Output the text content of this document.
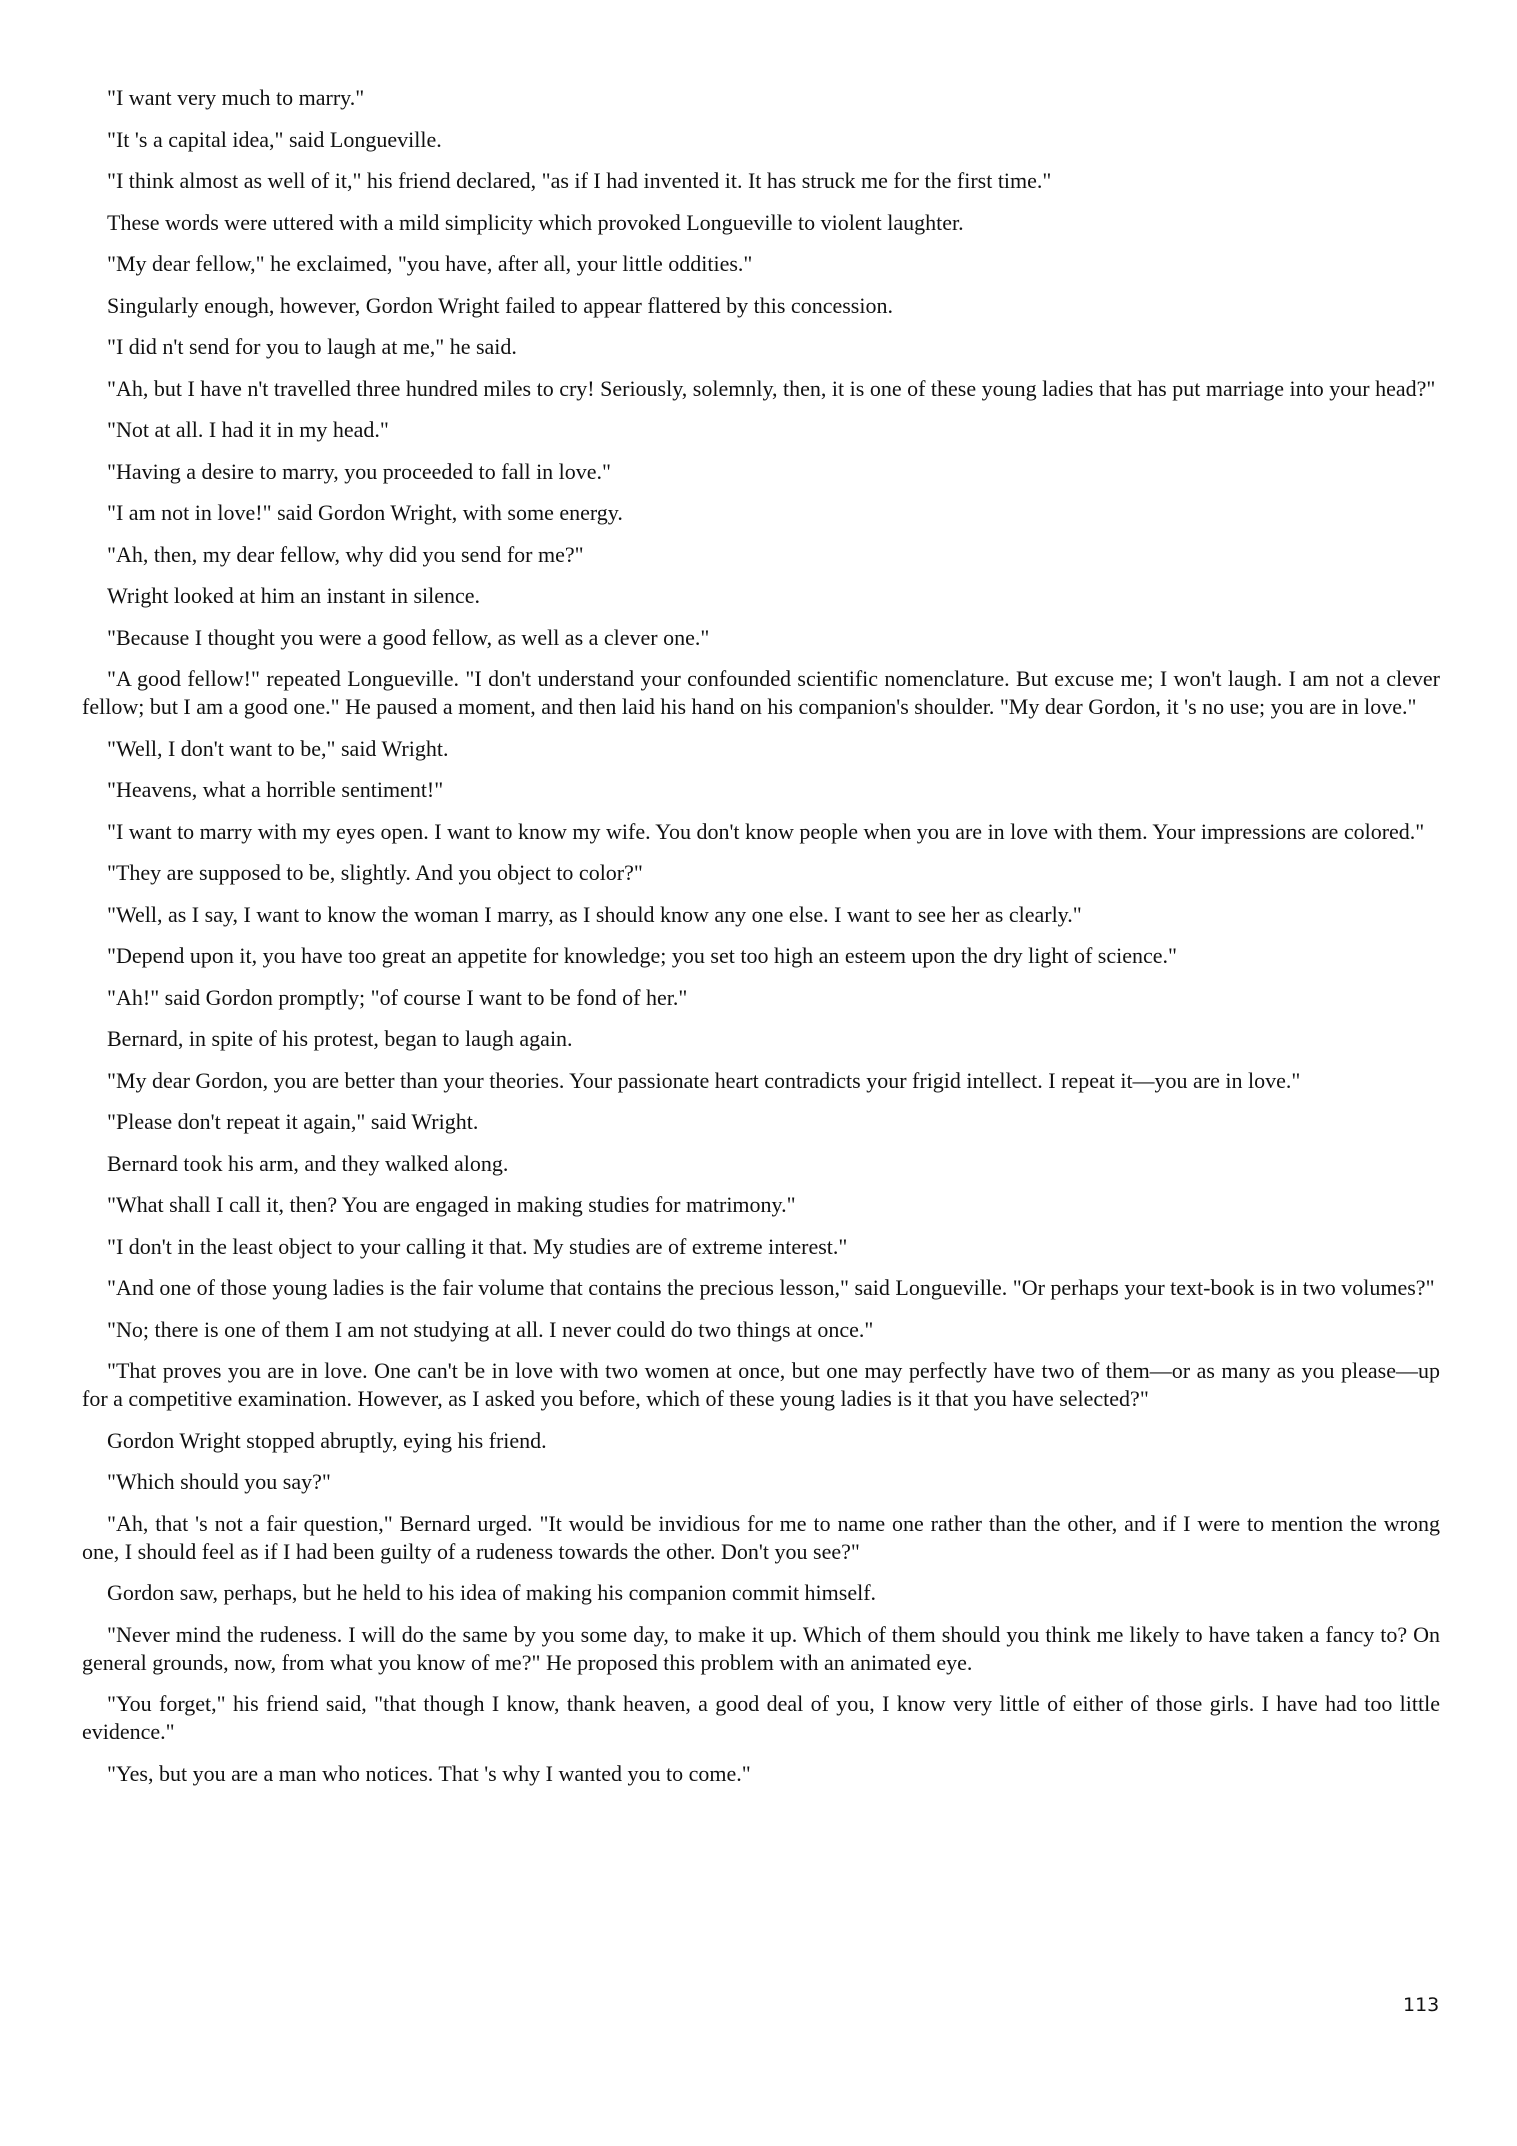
"I want very much to marry."

"It 's a capital idea," said Longueville.

"I think almost as well of it," his friend declared, "as if I had invented it. It has struck me for the first time."

These words were uttered with a mild simplicity which provoked Longueville to violent laughter.

"My dear fellow," he exclaimed, "you have, after all, your little oddities."

Singularly enough, however, Gordon Wright failed to appear flattered by this concession.

"I did n't send for you to laugh at me," he said.

"Ah, but I have n't travelled three hundred miles to cry! Seriously, solemnly, then, it is one of these young ladies that has put marriage into your head?"

"Not at all. I had it in my head."

"Having a desire to marry, you proceeded to fall in love."

"I am not in love!" said Gordon Wright, with some energy.

"Ah, then, my dear fellow, why did you send for me?"

Wright looked at him an instant in silence.

"Because I thought you were a good fellow, as well as a clever one."

"A good fellow!" repeated Longueville. "I don't understand your confounded scientific nomenclature. But excuse me; I won't laugh. I am not a clever fellow; but I am a good one." He paused a moment, and then laid his hand on his companion's shoulder. "My dear Gordon, it 's no use; you are in love."

"Well, I don't want to be," said Wright.

"Heavens, what a horrible sentiment!"

"I want to marry with my eyes open. I want to know my wife. You don't know people when you are in love with them. Your impressions are colored."

"They are supposed to be, slightly. And you object to color?"

"Well, as I say, I want to know the woman I marry, as I should know any one else. I want to see her as clearly."

"Depend upon it, you have too great an appetite for knowledge; you set too high an esteem upon the dry light of science."

"Ah!" said Gordon promptly; "of course I want to be fond of her."

Bernard, in spite of his protest, began to laugh again.

"My dear Gordon, you are better than your theories. Your passionate heart contradicts your frigid intellect. I repeat it—you are in love."

"Please don't repeat it again," said Wright.

Bernard took his arm, and they walked along.

"What shall I call it, then? You are engaged in making studies for matrimony."

"I don't in the least object to your calling it that. My studies are of extreme interest."

"And one of those young ladies is the fair volume that contains the precious lesson," said Longueville. "Or perhaps your text-book is in two volumes?"

"No; there is one of them I am not studying at all. I never could do two things at once."

"That proves you are in love. One can't be in love with two women at once, but one may perfectly have two of them—or as many as you please—up for a competitive examination. However, as I asked you before, which of these young ladies is it that you have selected?"

Gordon Wright stopped abruptly, eying his friend.

"Which should you say?"

"Ah, that 's not a fair question," Bernard urged. "It would be invidious for me to name one rather than the other, and if I were to mention the wrong one, I should feel as if I had been guilty of a rudeness towards the other. Don't you see?"

Gordon saw, perhaps, but he held to his idea of making his companion commit himself.

"Never mind the rudeness. I will do the same by you some day, to make it up. Which of them should you think me likely to have taken a fancy to? On general grounds, now, from what you know of me?" He proposed this problem with an animated eye.

"You forget," his friend said, "that though I know, thank heaven, a good deal of you, I know very little of either of those girls. I have had too little evidence."

"Yes, but you are a man who notices. That 's why I wanted you to come."

113
